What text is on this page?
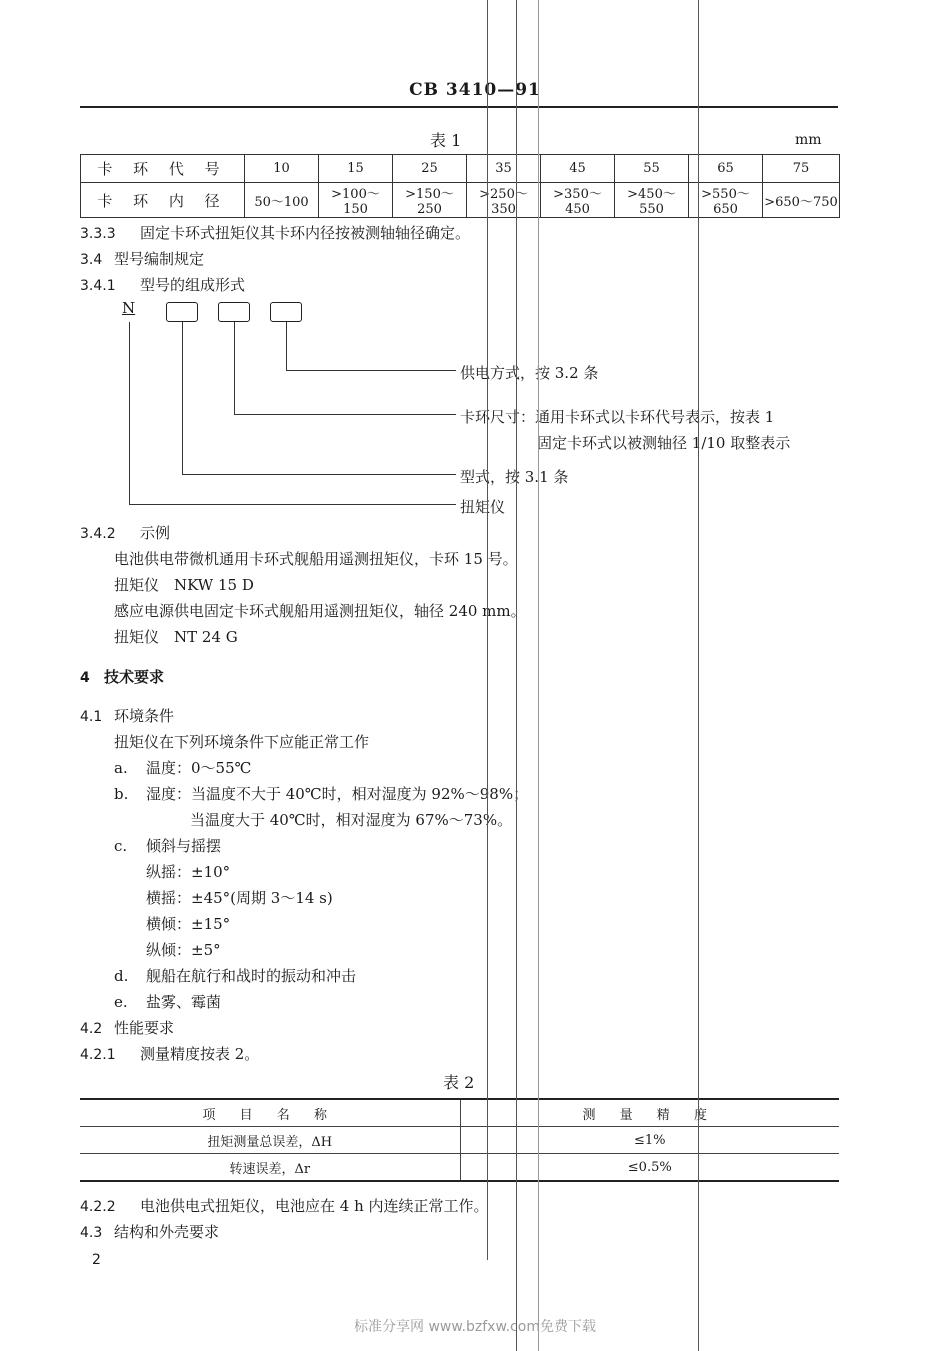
CB 3410—91
表 1	mm
卡 环 代 号	10	15	25	35	45	55	65	75
卡 环 内 径	50～100	>100～150	>150～250	>250～350	>350～450	>450～550	>550～650	>650～750
3.3.3 固定卡环式扭矩仪其卡环内径按被测轴轴径确定。
3.4 型号编制规定
3.4.1 型号的组成形式
N
供电方式，按 3.2 条
卡环尺寸：通用卡环式以卡环代号表示，按表 1
固定卡环式以被测轴径 1/10 取整表示
型式，按 3.1 条
扭矩仪
3.4.2 示例
电池供电带微机通用卡环式舰船用遥测扭矩仪，卡环 15 号。
扭矩仪　NKW 15 D
感应电源供电固定卡环式舰船用遥测扭矩仪，轴径 240 mm。
扭矩仪　NT 24 G
4 技术要求
4.1 环境条件
扭矩仪在下列环境条件下应能正常工作
a. 温度：0～55℃
b. 湿度：当温度不大于 40℃时，相对湿度为 92%～98%；
当温度大于 40℃时，相对湿度为 67%～73%。
c. 倾斜与摇摆
纵摇：±10°
横摇：±45°(周期 3～14 s)
横倾：±15°
纵倾：±5°
d. 舰船在航行和战时的振动和冲击
e. 盐雾、霉菌
4.2 性能要求
4.2.1 测量精度按表 2。
表 2
项 目 名 称	测 量 精 度
扭矩测量总误差，ΔH	≤1%
转速误差，Δr	≤0.5%
4.2.2 电池供电式扭矩仪，电池应在 4 h 内连续正常工作。
4.3 结构和外壳要求
2
标准分享网 www.bzfxw.com免费下载
